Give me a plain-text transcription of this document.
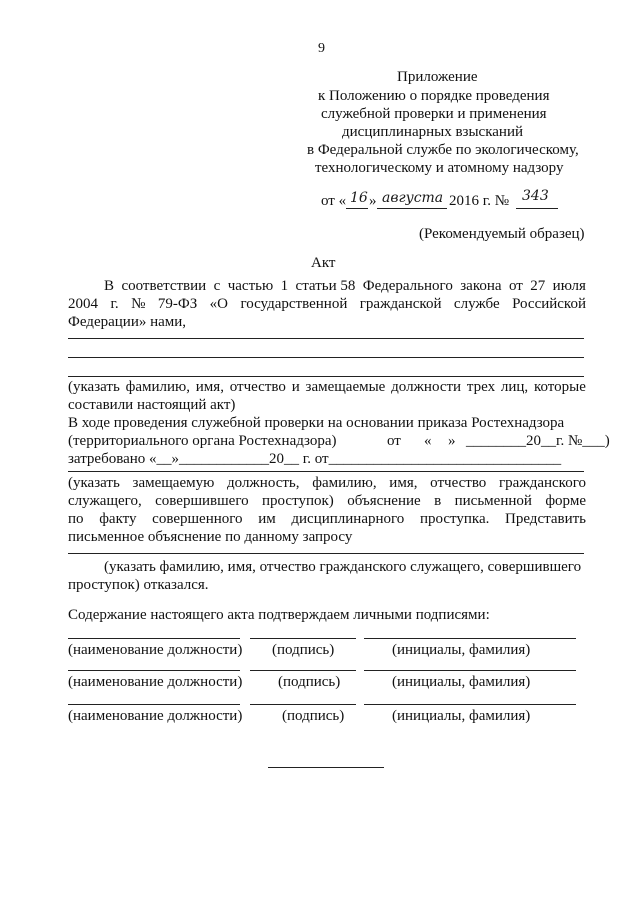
9
Приложение
к Положению о порядке проведения
служебной проверки и применения
дисциплинарных взысканий
в Федеральной службе по экологическому,
технологическому и атомному надзору
от « 16 » августа 2016 г. № 343
(Рекомендуемый образец)
Акт
В соответствии с частью 1 статьи 58 Федерального закона от 27 июля
2004 г. № 79-ФЗ «О государственной гражданской службе Российской
Федерации» нами,
(указать фамилию, имя, отчество и замещаемые должности трех лиц, которые
составили настоящий акт)
В ходе проведения служебной проверки на основании приказа Ростехнадзора
(территориального органа Ростехнадзора)	от « » ________20__г. №___)
затребовано «__»____________20__ г. от_______________________________
(указать замещаемую должность, фамилию, имя, отчество гражданского
служащего, совершившего проступок) объяснение в письменной форме
по факту совершенного им дисциплинарного проступка. Представить
письменное объяснение по данному запросу
(указать фамилию, имя, отчество гражданского служащего, совершившего
проступок) отказался.
Содержание настоящего акта подтверждаем личными подписями:
(наименование должности) (подпись)	(инициалы, фамилия)
(наименование должности) (подпись)	(инициалы, фамилия)
(наименование должности)	(подпись)	(инициалы, фамилия)
